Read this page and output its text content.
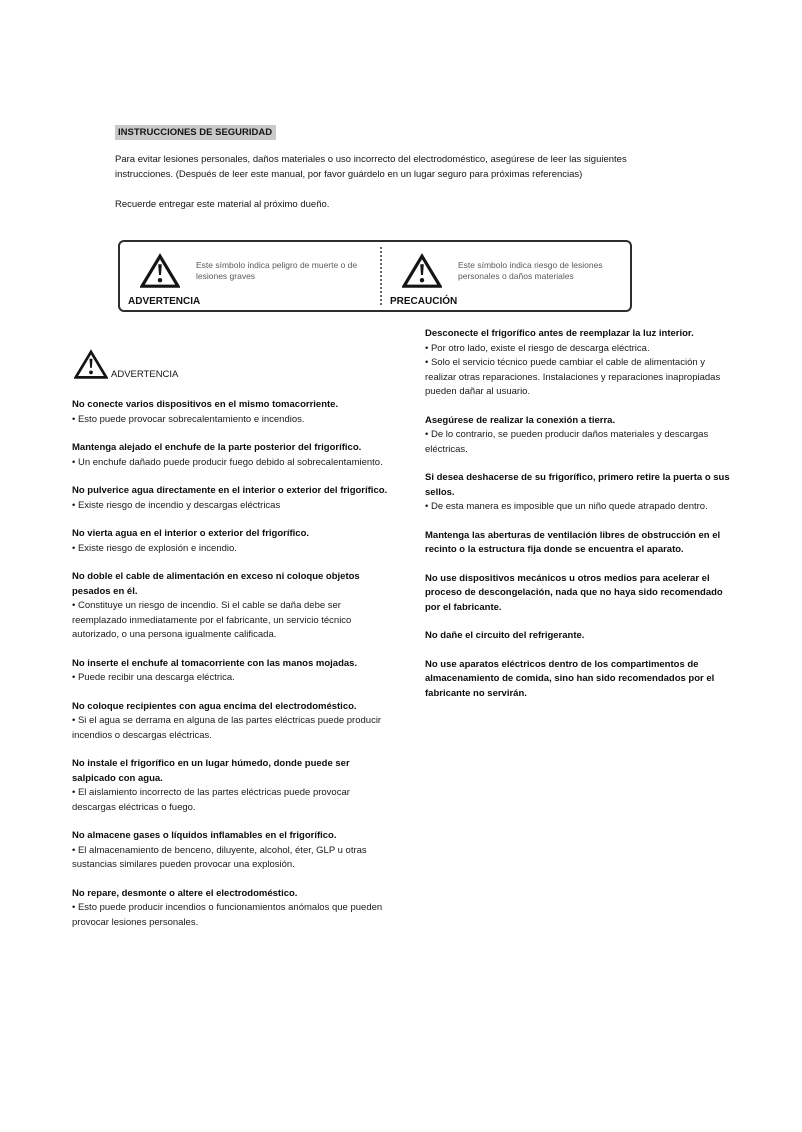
INSTRUCCIONES DE SEGURIDAD

Para evitar lesiones personales, daños materiales o uso incorrecto del electrodoméstico, asegúrese de leer las siguientes instrucciones. (Después de leer este manual, por favor guárdelo en un lugar seguro para próximas referencias)

Recuerde entregar este material al próximo dueño.

Este símbolo indica peligro de muerte o de lesiones graves
ADVERTENCIA
Este símbolo indica riesgo de lesiones personales o daños materiales
PRECAUCIÓN
ADVERTENCIA
No conecte varios dispositivos en el mismo tomacorriente.
• Esto puede provocar sobrecalentamiento e incendios.
Mantenga alejado el enchufe de la parte posterior del frigorífico.
• Un enchufe dañado puede producir fuego debido al sobrecalentamiento.
No pulverice agua directamente en el interior o exterior del frigorífico.
• Existe riesgo de incendio y descargas eléctricas
No vierta agua en el interior o exterior del frigorífico.
• Existe riesgo de explosión e incendio.
No doble el cable de alimentación en exceso ni coloque objetos pesados en él.
• Constituye un riesgo de incendio. Si el cable se daña debe ser reemplazado inmediatamente por el fabricante, un servicio técnico autorizado, o una persona igualmente calificada.
No inserte el enchufe al tomacorriente con las manos mojadas.
• Puede recibir una descarga eléctrica.
No coloque recipientes con agua encima del electrodoméstico.
• Si el agua se derrama en alguna de las partes eléctricas puede producir incendios o descargas eléctricas.
No instale el frigorífico en un lugar húmedo, donde puede ser salpicado con agua.
• El aislamiento incorrecto de las partes eléctricas puede provocar descargas eléctricas o fuego.
No almacene gases o líquidos inflamables en el frigorífico.
• El almacenamiento de benceno, diluyente, alcohol, éter, GLP u otras sustancias similares pueden provocar una explosión.
No repare, desmonte o altere el electrodoméstico.
• Esto puede producir incendios o funcionamientos anómalos que pueden provocar lesiones personales.
Desconecte el frigorífico antes de reemplazar la luz interior.
• Por otro lado, existe el riesgo de descarga eléctrica.
• Solo el servicio técnico puede cambiar el cable de alimentación y realizar otras reparaciones. Instalaciones y reparaciones inapropiadas pueden dañar al usuario.
Asegúrese de realizar la conexión a tierra.
• De lo contrario, se pueden producir daños materiales y descargas eléctricas.
Si desea deshacerse de su frigorífico, primero retire la puerta o sus sellos.
• De esta manera es imposible que un niño quede atrapado dentro.
Mantenga las aberturas de ventilación libres de obstrucción en el recinto o la estructura fija donde se encuentra el aparato.
No use dispositivos mecánicos u otros medios para acelerar el proceso de descongelación, nada que no haya sido recomendado por el fabricante.
No dañe el circuito del refrigerante.
No use aparatos eléctricos dentro de los compartimentos de almacenamiento de comida, sino han sido recomendados por el fabricante no servirán.
